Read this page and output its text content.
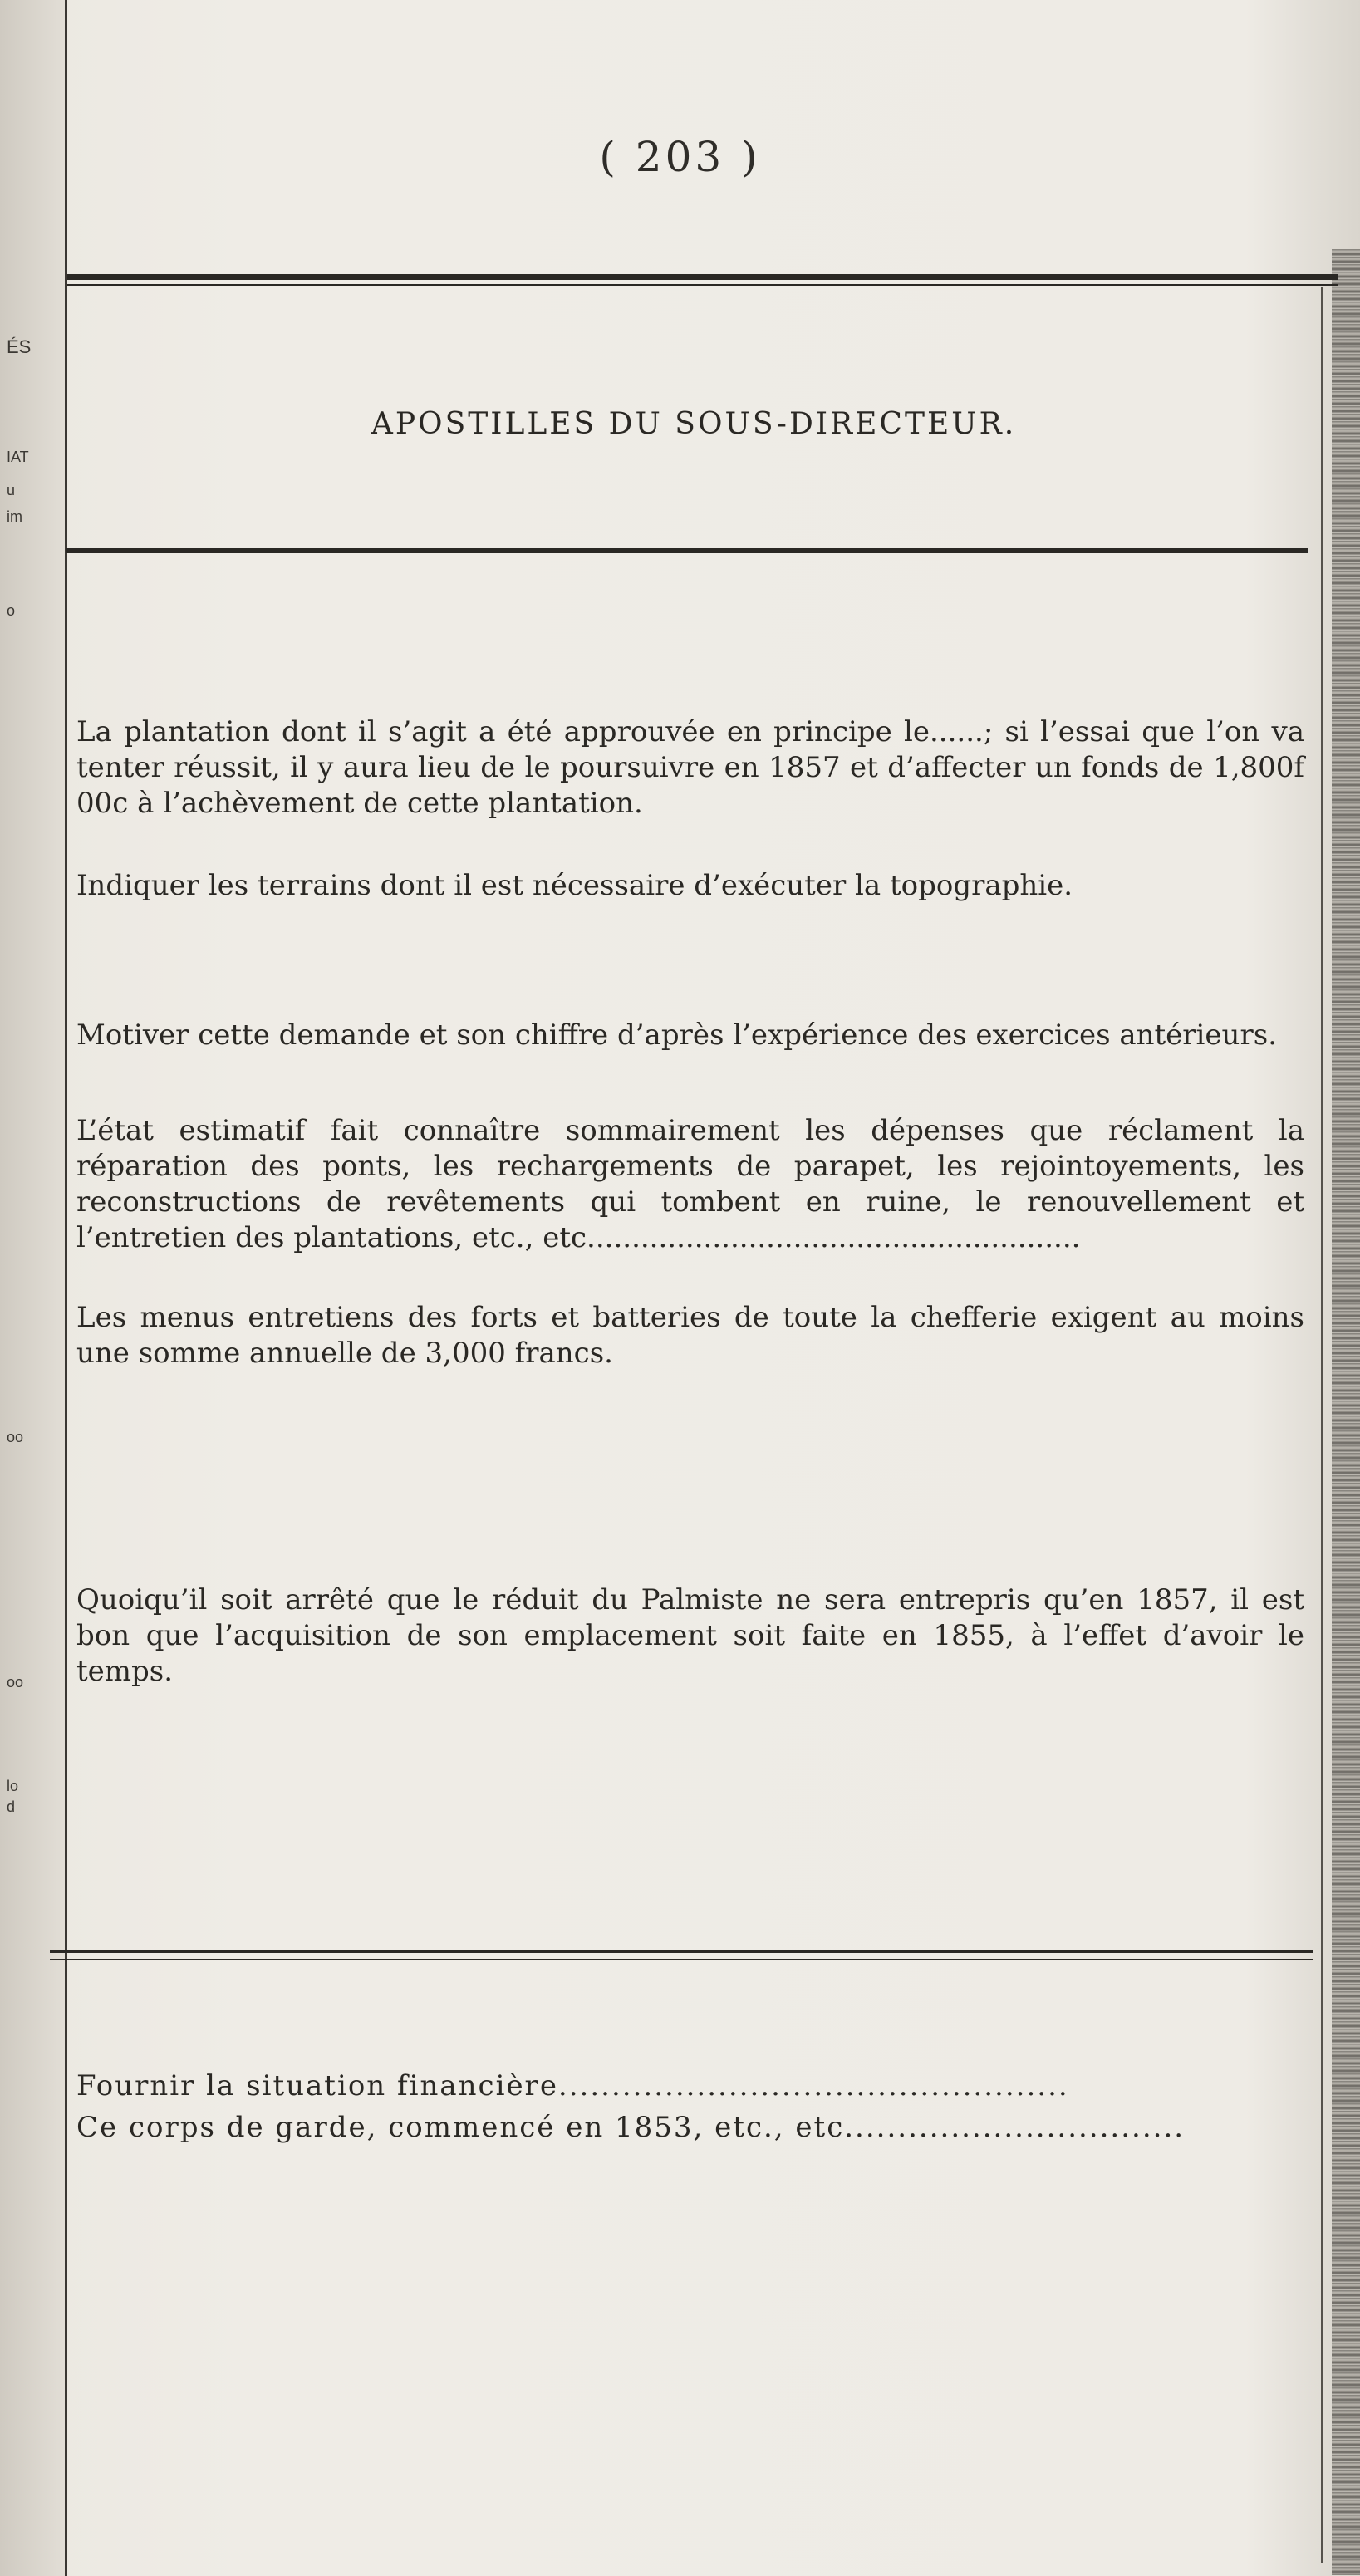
ÉS
IAT
u
im
o
oo
oo
lo
d
( 203 )
APOSTILLES DU SOUS-DIRECTEUR.
La plantation dont il s’agit a été approuvée en principe le......; si l’essai que l’on va tenter réussit, il y aura lieu de le poursuivre en 1857 et d’affecter un fonds de 1,800f 00c à l’achèvement de cette plantation.
Indiquer les terrains dont il est nécessaire d’exécuter la topographie.
Motiver cette demande et son chiffre d’après l’expérience des exercices antérieurs.
L’état estimatif fait connaître sommairement les dépenses que réclament la réparation des ponts, les rechargements de parapet, les rejointoyements, les reconstructions de revêtements qui tombent en ruine, le renouvellement et l’entretien des plantations, etc., etc.......................................................
Les menus entretiens des forts et batteries de toute la chefferie exigent au moins une somme annuelle de 3,000 francs.
Quoiqu’il soit arrêté que le réduit du Palmiste ne sera entrepris qu’en 1857, il est bon que l’acquisition de son emplacement soit faite en 1855, à l’effet d’avoir le temps.
Fournir la situation financière................................................
Ce corps de garde, commencé en 1853, etc., etc................................
